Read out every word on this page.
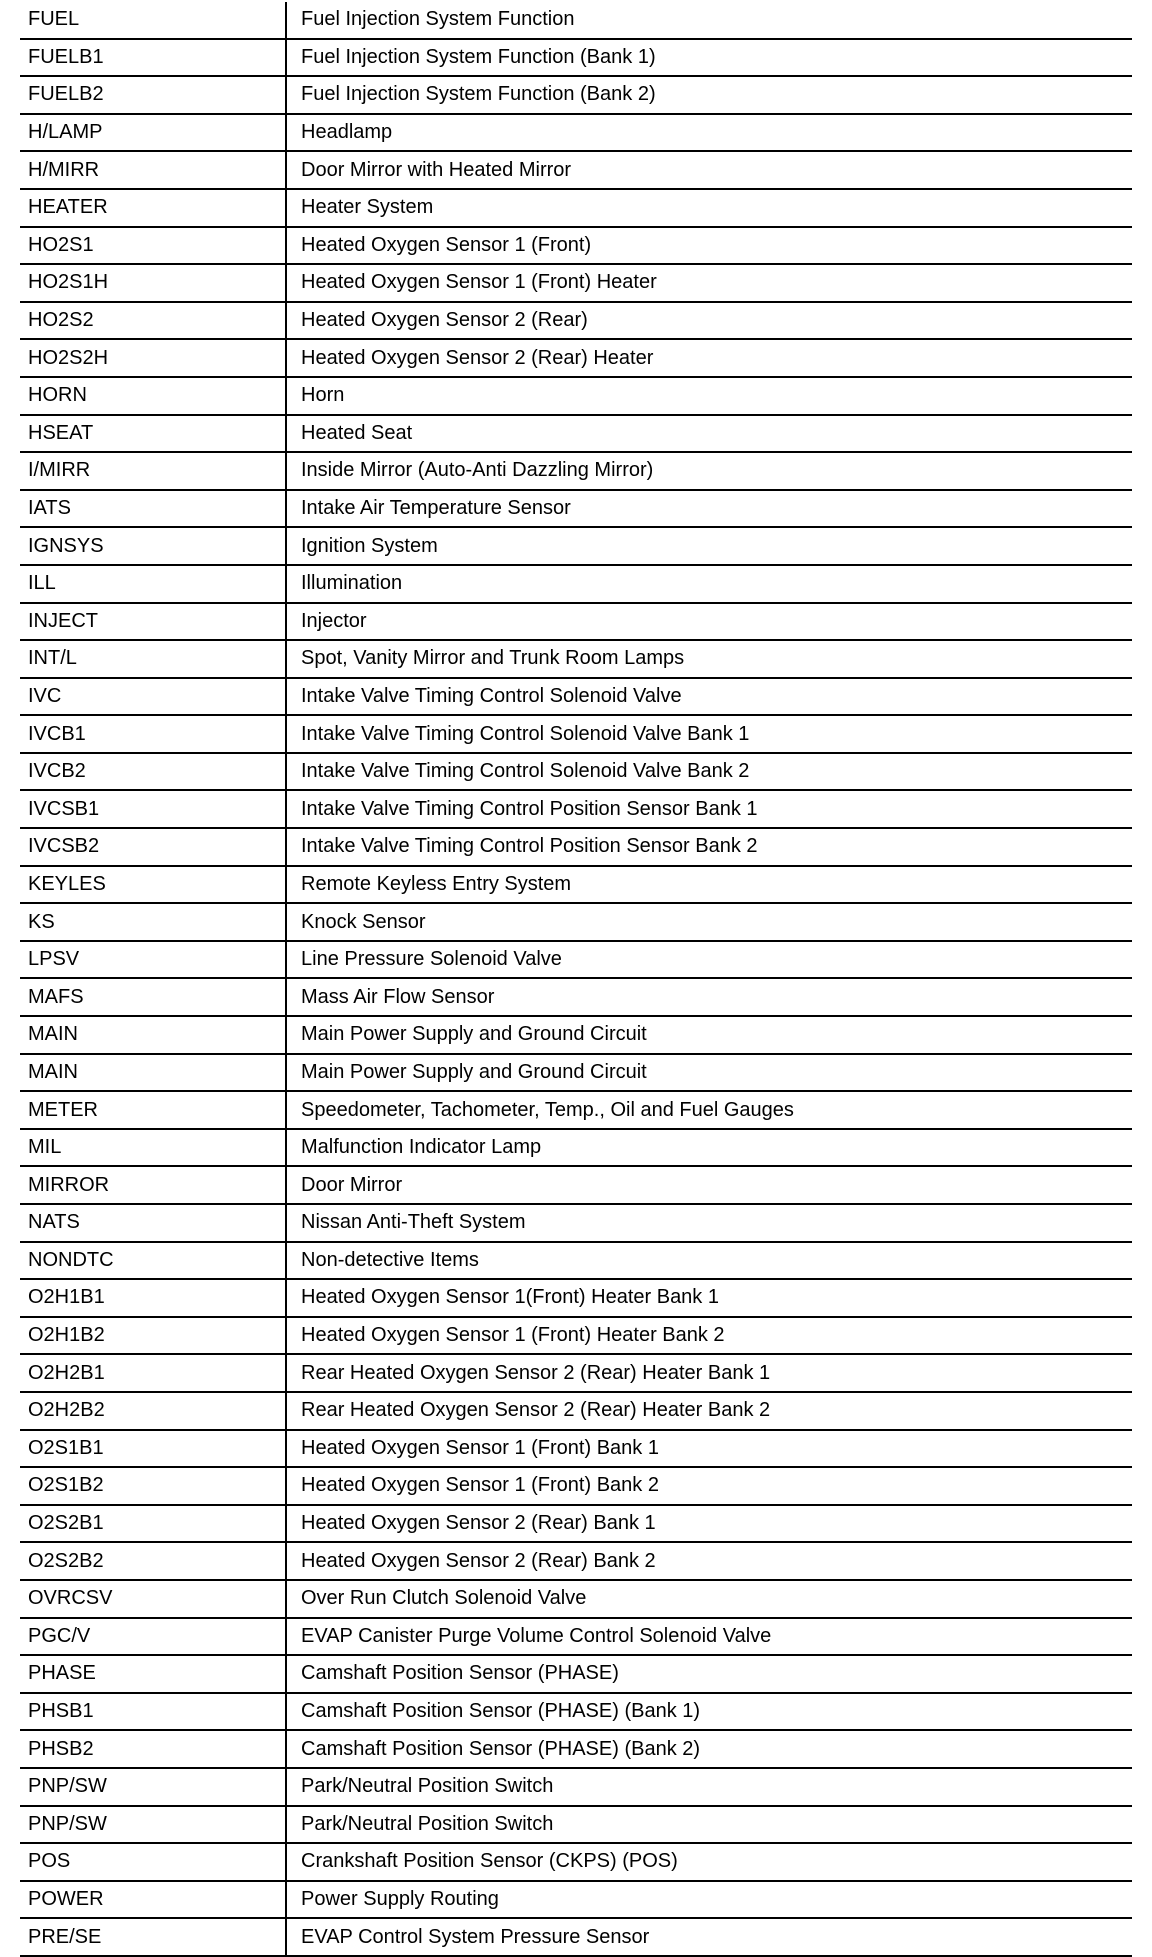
FUEL	Fuel Injection System Function
FUELB1	Fuel Injection System Function (Bank 1)
FUELB2	Fuel Injection System Function (Bank 2)
H/LAMP	Headlamp
H/MIRR	Door Mirror with Heated Mirror
HEATER	Heater System
HO2S1	Heated Oxygen Sensor 1 (Front)
HO2S1H	Heated Oxygen Sensor 1 (Front) Heater
HO2S2	Heated Oxygen Sensor 2 (Rear)
HO2S2H	Heated Oxygen Sensor 2 (Rear) Heater
HORN	Horn
HSEAT	Heated Seat
I/MIRR	Inside Mirror (Auto-Anti Dazzling Mirror)
IATS	Intake Air Temperature Sensor
IGNSYS	Ignition System
ILL	Illumination
INJECT	Injector
INT/L	Spot, Vanity Mirror and Trunk Room Lamps
IVC	Intake Valve Timing Control Solenoid Valve
IVCB1	Intake Valve Timing Control Solenoid Valve Bank 1
IVCB2	Intake Valve Timing Control Solenoid Valve Bank 2
IVCSB1	Intake Valve Timing Control Position Sensor Bank 1
IVCSB2	Intake Valve Timing Control Position Sensor Bank 2
KEYLES	Remote Keyless Entry System
KS	Knock Sensor
LPSV	Line Pressure Solenoid Valve
MAFS	Mass Air Flow Sensor
MAIN	Main Power Supply and Ground Circuit
MAIN	Main Power Supply and Ground Circuit
METER	Speedometer, Tachometer, Temp., Oil and Fuel Gauges
MIL	Malfunction Indicator Lamp
MIRROR	Door Mirror
NATS	Nissan Anti-Theft System
NONDTC	Non-detective Items
O2H1B1	Heated Oxygen Sensor 1(Front) Heater Bank 1
O2H1B2	Heated Oxygen Sensor 1 (Front) Heater Bank 2
O2H2B1	Rear Heated Oxygen Sensor 2 (Rear) Heater Bank 1
O2H2B2	Rear Heated Oxygen Sensor 2 (Rear) Heater Bank 2
O2S1B1	Heated Oxygen Sensor 1 (Front) Bank 1
O2S1B2	Heated Oxygen Sensor 1 (Front) Bank 2
O2S2B1	Heated Oxygen Sensor 2 (Rear) Bank 1
O2S2B2	Heated Oxygen Sensor 2 (Rear) Bank 2
OVRCSV	Over Run Clutch Solenoid Valve
PGC/V	EVAP Canister Purge Volume Control Solenoid Valve
PHASE	Camshaft Position Sensor (PHASE)
PHSB1	Camshaft Position Sensor (PHASE) (Bank 1)
PHSB2	Camshaft Position Sensor (PHASE) (Bank 2)
PNP/SW	Park/Neutral Position Switch
PNP/SW	Park/Neutral Position Switch
POS	Crankshaft Position Sensor (CKPS) (POS)
POWER	Power Supply Routing
PRE/SE	EVAP Control System Pressure Sensor
